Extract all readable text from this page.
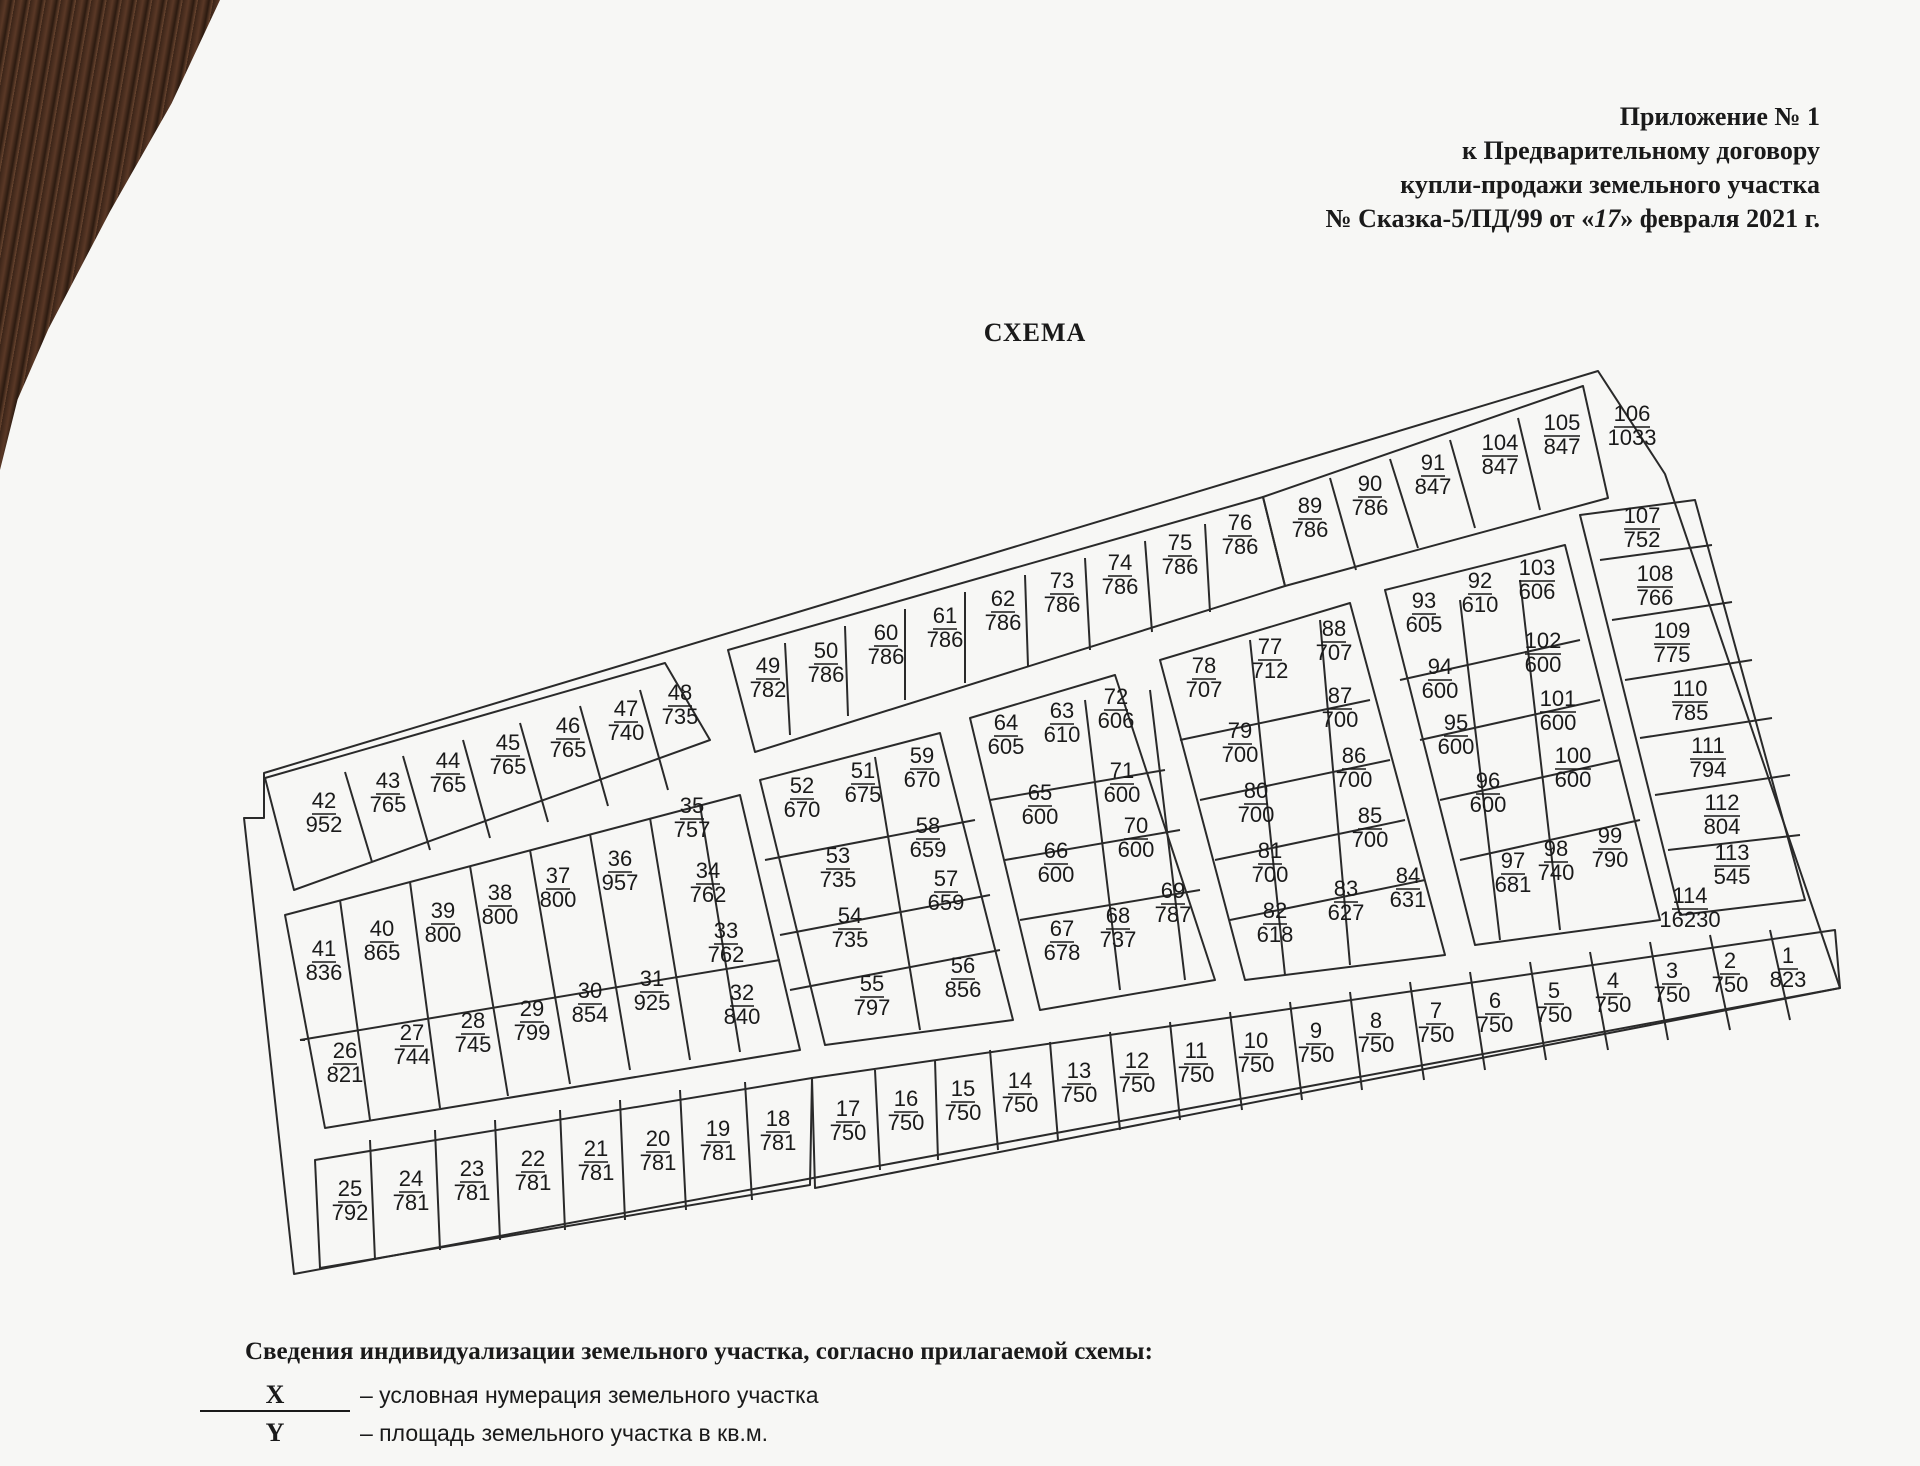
Приложение № 1
к Предварительному договору
купли-продажи земельного участка
№ Сказка-5/ПД/99 от «17» февраля 2021 г.
СХЕМА
1
823
2
750
3
750
4
750
5
750
6
750
7
750
8
750
9
750
10
750
11
750
12
750
13
750
14
750
15
750
16
750
17
750
18
781
19
781
20
781
21
781
22
781
23
781
24
781
25
792
26
821
27
744
28
745
29
799
30
854
31
925	32
840
33
762
34
762
35
757
36
957
37
800
38
800
39
800
40
865
41
836
42
952
43
765
44
765
45
765
46
765
47
740
48
735
49
782
50
786
51
675
52
670
53
735
54
735
55
797
56
856
57
659
58
659
59
670
60
786
61
786
62
786
63
610
64
605
65
600
66
600
67
678
68
737
69
787
70
600
71
600
72
606
73
786
74
786
75
786
76
786
77
712
78
707
79
700
80
700
81
700
82
618
83
627
84
631
85
700
86
700
87
700
88
707
89
786
90
786
91
847
92
610
93
605
94
600
95
600
96
600
97
681
98
740
99
790
100
600
101
600
102
600
103
606
104
847
105
847
106
1033
107
752
108
766
109
775
110
785
111
794
112
804
113
545
114
16230
Сведения индивидуализации земельного участка, согласно прилагаемой схемы:
X	– условная нумерация земельного участка
Y	– площадь земельного участка в кв.м.
